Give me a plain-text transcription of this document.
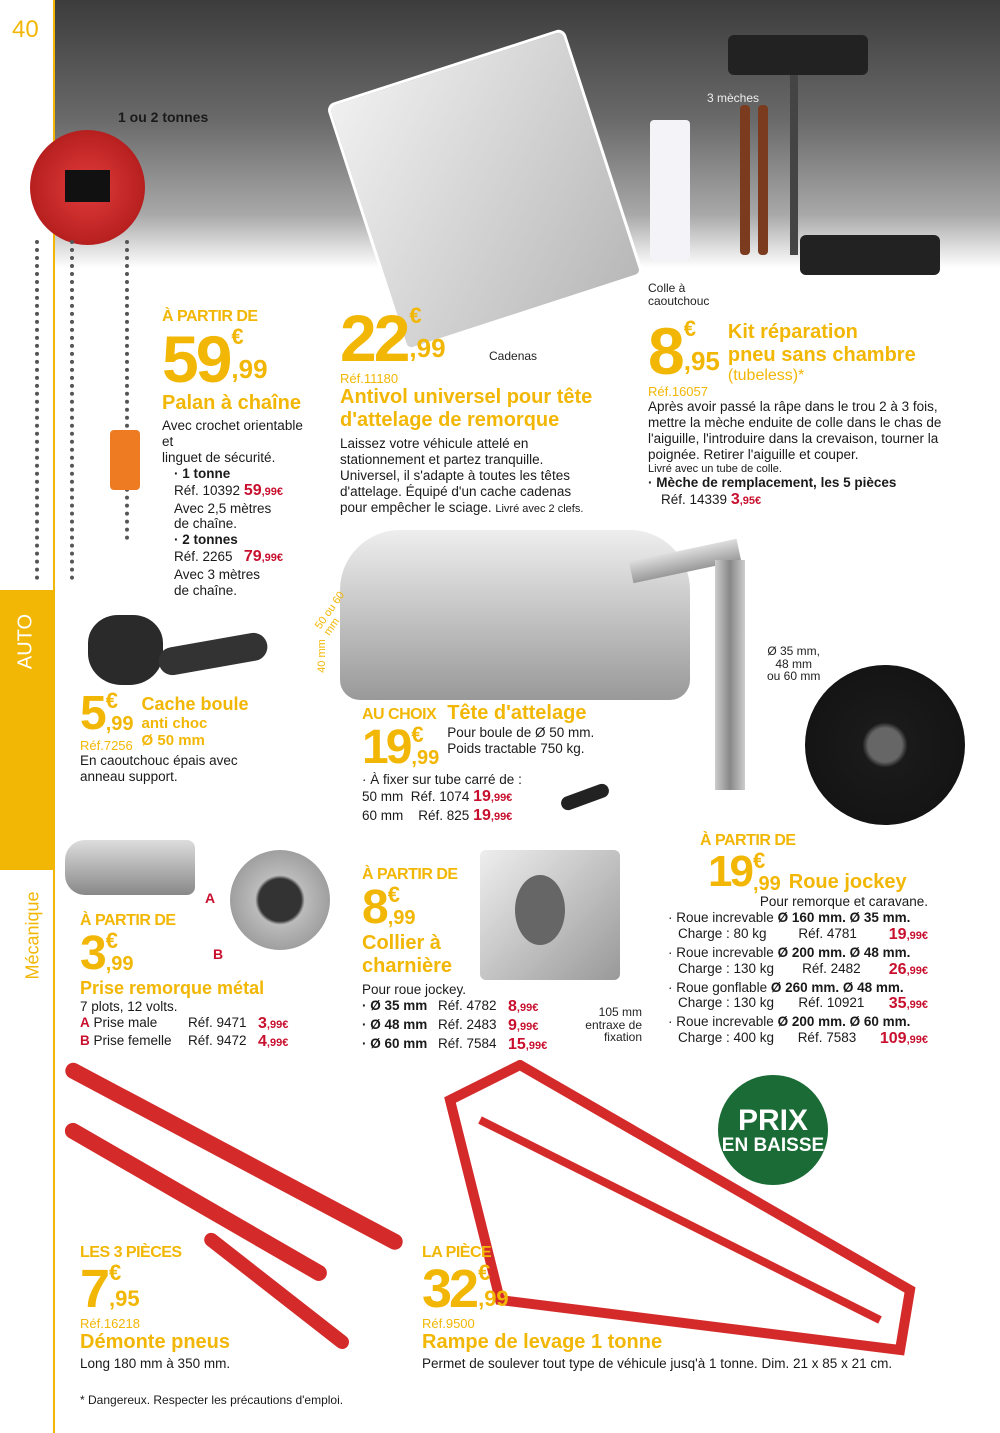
40
AUTO
Mécanique
1 ou 2 tonnes
À PARTIR DE
59 €
,99
Palan à chaîne
Avec crochet orientable
et
linguet de sécurité.
· 1 tonne
Réf. 10392 59,99€
Avec 2,5 mètres
de chaîne.
· 2 tonnes
Réf. 2265 79,99€
Avec 3 mètres
de chaîne.
Cadenas
22 €
,99
Réf.11180
Antivol universel pour tête
d'attelage de remorque
Laissez votre véhicule attelé en stationnement et partez tranquille. Universel, il s'adapte à toutes les têtes d'attelage. Équipé d'un cache cadenas pour empêcher le sciage. Livré avec 2 clefs.
3 mèches
Colle à
caoutchouc
8 €
,95
Réf.16057
Kit réparation
pneu sans chambre
(tubeless)*
Après avoir passé la râpe dans le trou 2 à 3 fois, mettre la mèche enduite de colle dans le chas de l'aiguille, l'introduire dans la crevaison, tourner la poignée. Retirer l'aiguille et couper.
Livré avec un tube de colle.
· Mèche de remplacement, les 5 pièces
Réf. 14339 3,95€
5 €
,99
Réf.7256
Cache boule
anti choc
Ø 50 mm
En caoutchouc épais avec
anneau support.
50 ou 60 mm
40 mm
AU CHOIX
19 €
,99
Tête d'attelage
Pour boule de Ø 50 mm.
Poids tractable 750 kg.
· À fixer sur tube carré de :
50 mm Réf. 1074 19,99€
60 mm Réf. 825 19,99€
Ø 35 mm,
48 mm
ou 60 mm
À PARTIR DE
19 €
,99 Roue jockey
Pour remorque et caravane.
· Roue increvable Ø 160 mm. Ø 35 mm.
Charge : 80 kg Réf. 4781 19,99€
· Roue increvable Ø 200 mm. Ø 48 mm.
Charge : 130 kg Réf. 2482 26,99€
· Roue gonflable Ø 260 mm. Ø 48 mm.
Charge : 130 kg Réf. 10921 35,99€
· Roue increvable Ø 200 mm. Ø 60 mm.
Charge : 400 kg Réf. 7583 109,99€
A
B
À PARTIR DE
3 €
,99
Prise remorque métal
7 plots, 12 volts.
A Prise male	Réf. 9471 3,99€
B Prise femelle	Réf. 9472 4,99€
À PARTIR DE
8 €
,99
Collier à
charnière
Pour roue jockey.
· Ø 35 mm Réf. 4782 8,99€
· Ø 48 mm Réf. 2483 9,99€
· Ø 60 mm Réf. 7584 15,99€
105 mm
entraxe de
fixation
PRIX
EN BAISSE
LES 3 PIÈCES
7 €
,95
Réf.16218
Démonte pneus
Long 180 mm à 350 mm.
LA PIÈCE
32 €
,99
Réf.9500
Rampe de levage 1 tonne
Permet de soulever tout type de véhicule jusq'à 1 tonne. Dim. 21 x 85 x 21 cm.
* Dangereux. Respecter les précautions d'emploi.
